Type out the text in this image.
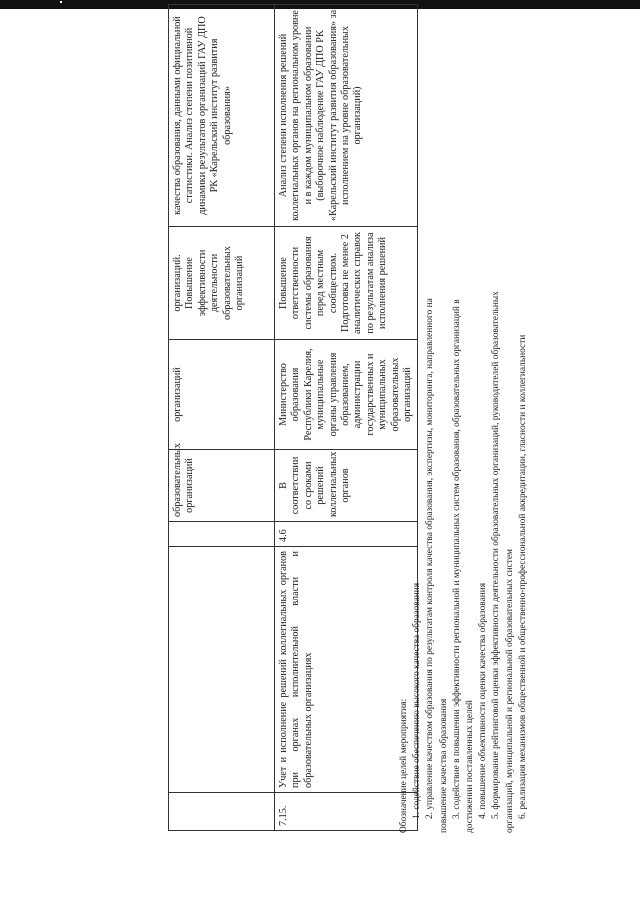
			образовательных организаций	организаций	организаций. Повышение эффективности деятельности образовательных организаций	качества образования, данными официальной статистики. Анализ степени позитивной динамики результатов организаций ГАУ ДПО РК «Карельский институт развития образования»
7.15.	Учет и исполнение решений коллегиальных органов при органах исполнительной власти и образовательных организациях	4.6	В соответствии со сроками решений коллегиальных органов	Министерство образования Республики Карелия, муниципальные органы управления образованием, администрации государственных и муниципальных образовательных организаций	Повышение ответственности системы образования перед местным сообществом. Подготовка не менее 2 аналитических справок по результатам анализа исполнения решений	Анализ степени исполнения решений коллегиальных органов на региональном уровне и в каждом муниципальном образовании (выборочное наблюдение ГАУ ДПО РК «Карельский институт развития образования» за исполнением на уровне образовательных организаций)

Обозначение целей мероприятия: 1. содействие обеспечению высокого качества образования 2. управление качеством образования по результатам контроля качества образования, экспертизы, мониторинга, направленного на повышение качества образования 3. содействие в повышении эффективности региональной и муниципальных систем образования, образовательных организаций в достижении поставленных целей 4. повышение объективности оценки качества образования 5. формирование рейтинговой оценки эффективности деятельности образовательных организаций, руководителей образовательных организаций, муниципальной и региональной образовательных систем 6. реализация механизмов общественной и общественно-профессиональной аккредитации, гласности и коллегиальности
